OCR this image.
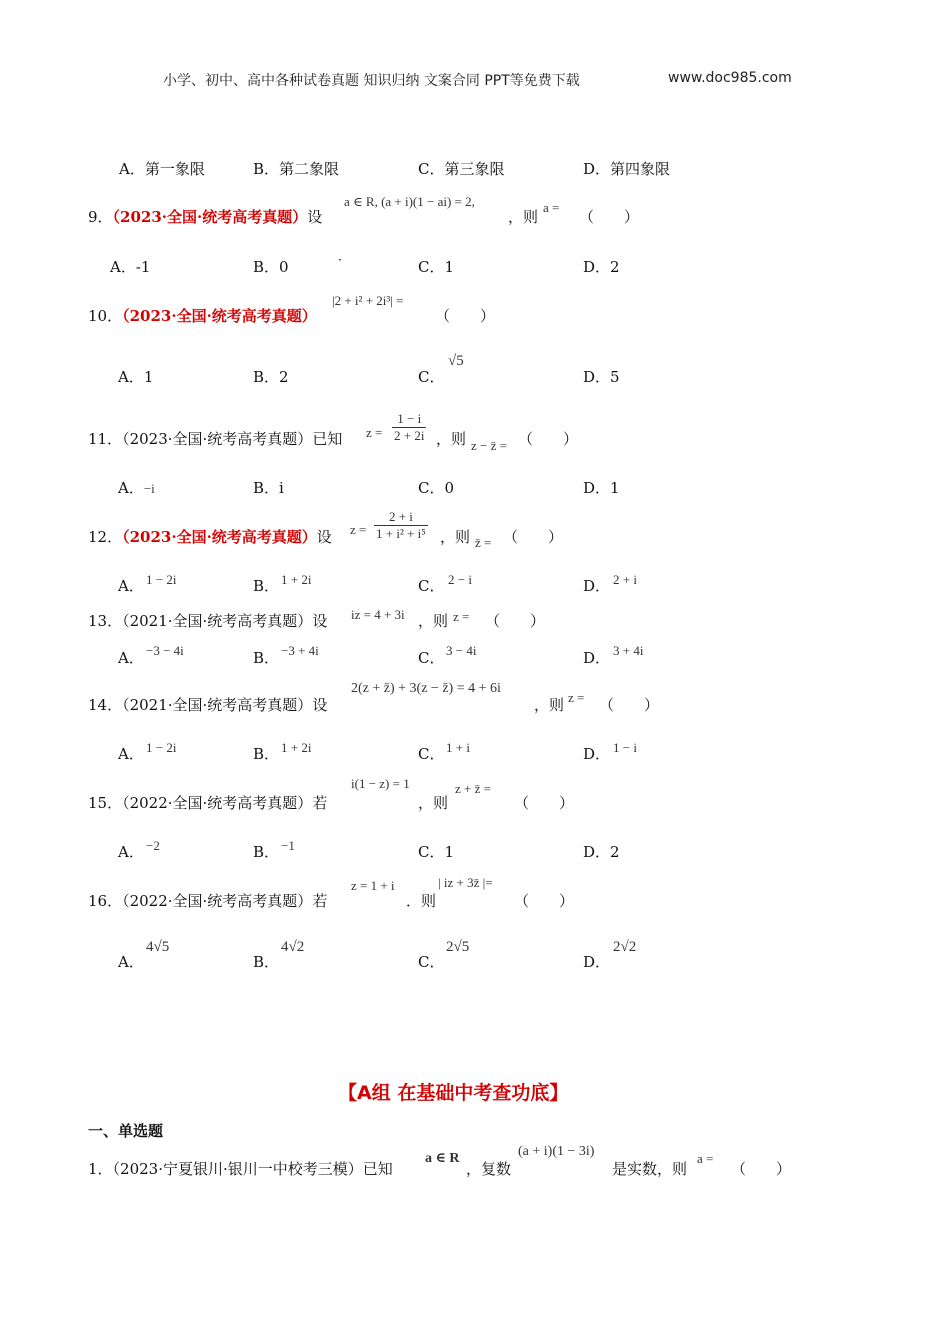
小学、初中、高中各种试卷真题 知识归纳 文案合同 PPT等免费下载	www.doc985.com
A．第一象限	B．第二象限	C．第三象限	D．第四象限
9．（2023·全国·统考高考真题）设
a ∈ R, (a + i)(1 − ai) = 2,
，则
a =
（　　）
A．-1	B．0	·	C．1	D．2
10．（2023·全国·统考高考真题）
|2 + i² + 2i³| =
（　　）
A．1	B．2	C．
√5
D．5
11．（2023·全国·统考高考真题）已知 $z = \frac{1 - i}{2 + 2i}$ ，则 z − z̄ = （　　）
A．−i	B．i	C．0	D．1
12．（2023·全国·统考高考真题）设 $z = \frac{2 + i}{\text{1 + i² + i⁵}}$ ，则 z̄ = （　　）
A． 1 − 2i	B． 1 + 2i	C． 2 − i	D． 2 + i
13．（2021·全国·统考高考真题）设 iz = 4 + 3i ，则 z = （　　）
A． −3 − 4i	B． −3 + 4i	C． 3 − 4i	D． 3 + 4i
14．（2021·全国·统考高考真题）设
2(z + z̄) + 3(z − z̄) = 4 + 6i
，则 z = （　　）
A． 1 − 2i	B． 1 + 2i	C． 1 + i	D． 1 − i
15．（2022·全国·统考高考真题）若
i(1 − z) = 1
，则
z + z̄ =
（　　）
A． −2	B． −1	C．1	D．2
16．（2022·全国·统考高考真题）若
z = 1 + i
．则
| iz + 3z̄ |=
（　　）
A．
4√5
B．
4√2
C．
2√5
D．
2√2
【A组 在基础中考查功底】
一、单选题
1．（2023·宁夏银川·银川一中校考三模）已知
a ∈ R
，复数
(a + i)(1 − 3i)
是实数，则
a =
（　　）
